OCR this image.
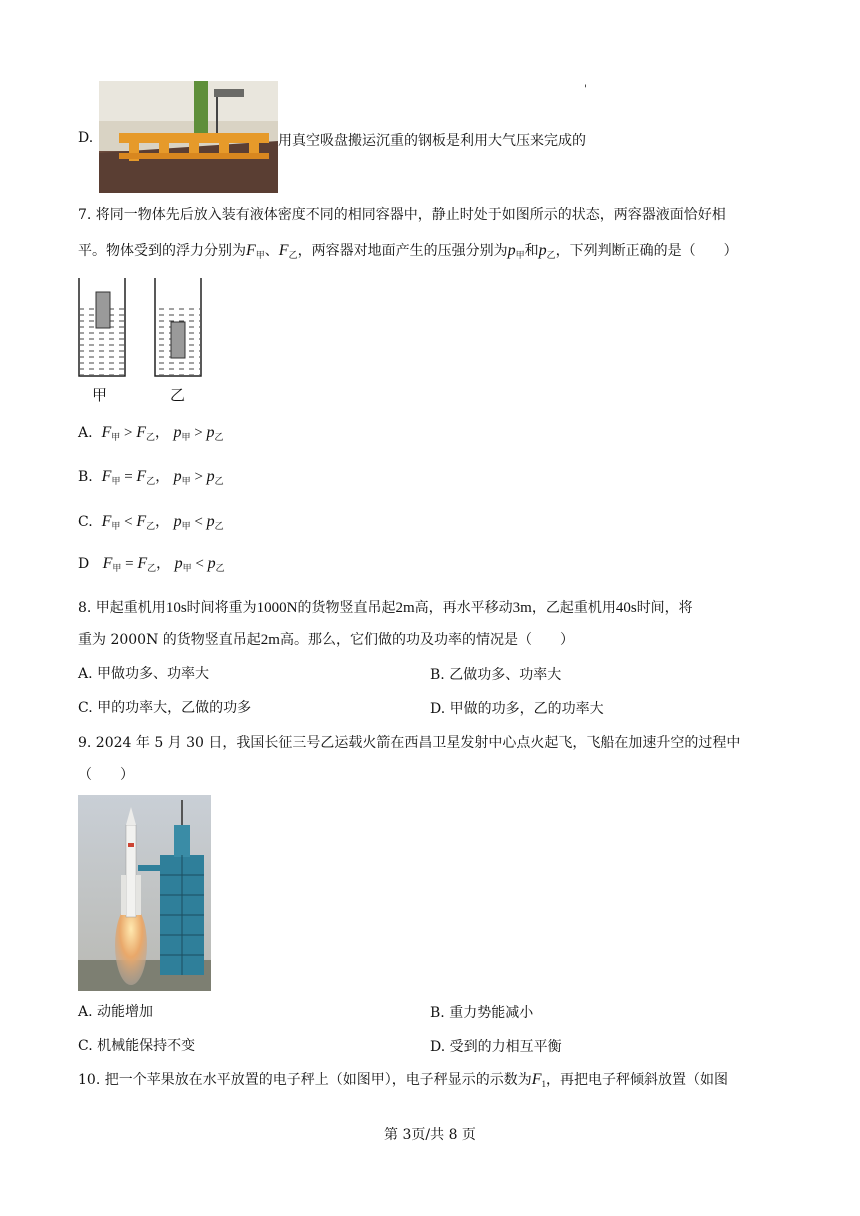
'
D.	用真空吸盘搬运沉重的钢板是利用大气压来完成的
7. 将同一物体先后放入装有液体密度不同的相同容器中，静止时处于如图所示的状态，两容器液面恰好相
平。物体受到的浮力分别为$F_甲$、$F_乙$，两容器对地面产生的压强分别为$p_甲$和$p_乙$，下列判断正确的是（　　）
甲	乙
A. $F_甲 > F_乙$， $p_甲 > p_乙$
B. $F_甲 = F_乙$， $p_甲 > p_乙$
C. $F_甲 < F_乙$， $p_甲 < p_乙$
D $F_甲 = F_乙$， $p_甲 < p_乙$
8. 甲起重机用10s时间将重为1000N的货物竖直吊起2m高，再水平移动3m，乙起重机用40s时间，将
重为 2000N 的货物竖直吊起2m高。那么，它们做的功及功率的情况是（　　）
A. 甲做功多、功率大	B. 乙做功多、功率大
C. 甲的功率大，乙做的功多	D. 甲做的功多，乙的功率大
9. 2024 年 5 月 30 日，我国长征三号乙运载火箭在西昌卫星发射中心点火起飞，飞船在加速升空的过程中
（　　）
A. 动能增加	B. 重力势能减小
C. 机械能保持不变	D. 受到的力相互平衡
10. 把一个苹果放在水平放置的电子秤上（如图甲），电子秤显示的示数为$F_1$，再把电子秤倾斜放置（如图
第 3页/共 8 页
